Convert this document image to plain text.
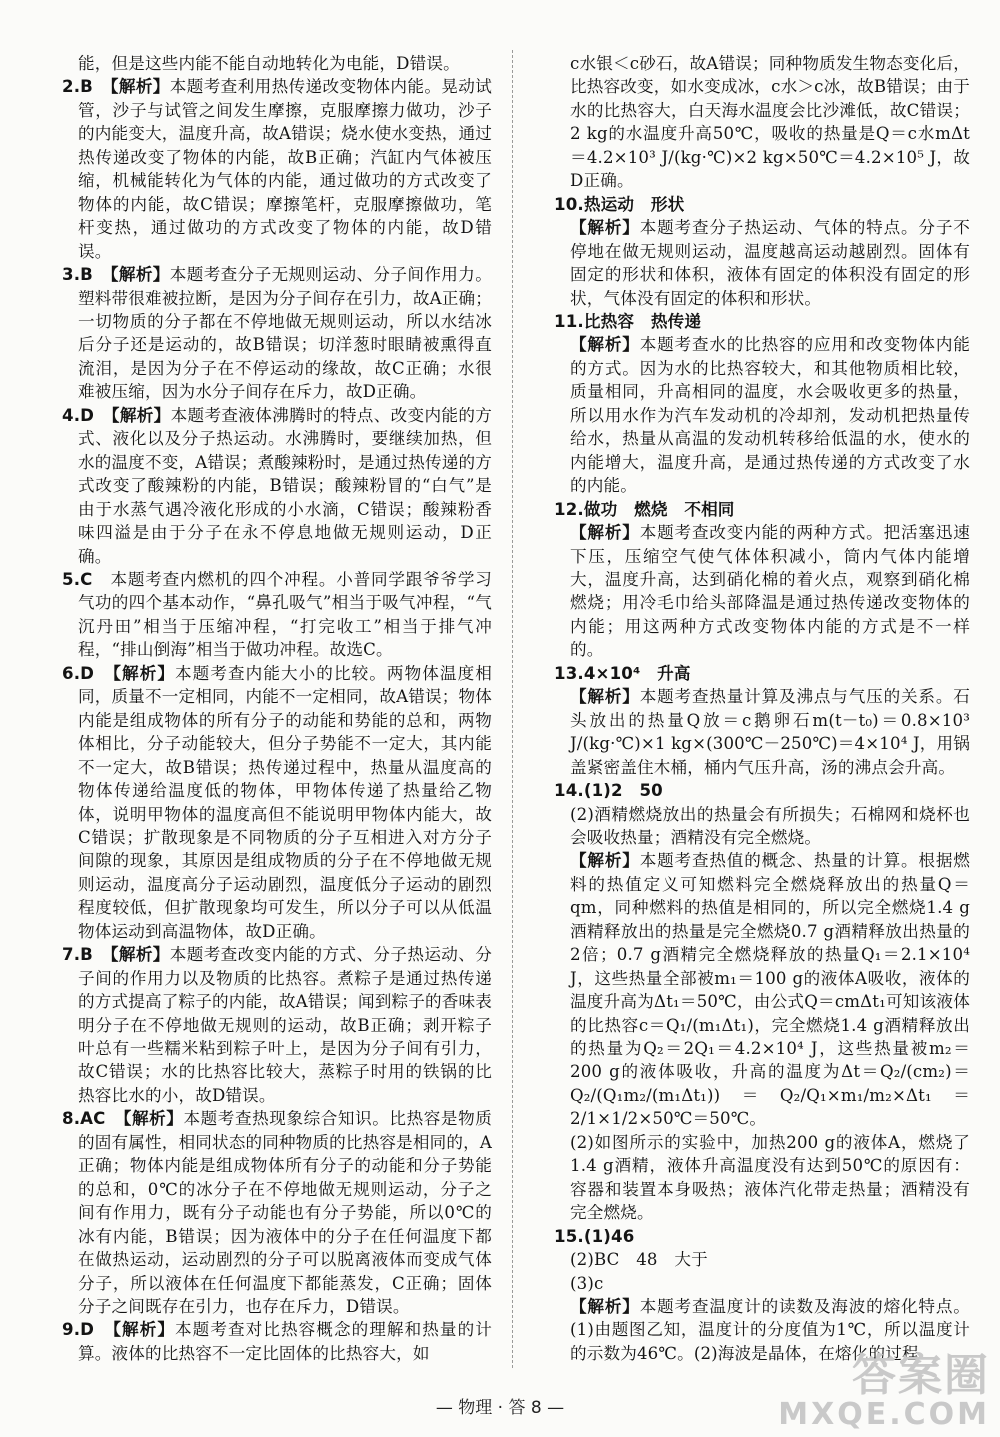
能，但是这些内能不能自动地转化为电能，D错误。

2.B　 【解析】本题考查利用热传递改变物体内能。晃动试管，沙子与试管之间发生摩擦，克服摩擦力做功，沙子的内能变大，温度升高，故A错误；烧水使水变热，通过热传递改变了物体的内能，故B正确；汽缸内气体被压缩，机械能转化为气体的内能，通过做功的方式改变了物体的内能，故C错误；摩擦笔杆，克服摩擦做功，笔杆变热，通过做功的方式改变了物体的内能，故D错误。

3.B　 【解析】本题考查分子无规则运动、分子间作用力。塑料带很难被拉断，是因为分子间存在引力，故A正确；一切物质的分子都在不停地做无规则运动，所以水结冰后分子还是运动的，故B错误；切洋葱时眼睛被熏得直流泪，是因为分子在不停运动的缘故，故C正确；水很难被压缩，因为水分子间存在斥力，故D正确。

4.D　 【解析】本题考查液体沸腾时的特点、改变内能的方式、液化以及分子热运动。水沸腾时，要继续加热，但水的温度不变，A错误；煮酸辣粉时，是通过热传递的方式改变了酸辣粉的内能，B错误；酸辣粉冒的“白气”是由于水蒸气遇冷液化形成的小水滴，C错误；酸辣粉香味四溢是由于分子在永不停息地做无规则运动，D正确。

5.C　 本题考查内燃机的四个冲程。小普同学跟爷爷学习气功的四个基本动作，“鼻孔吸气”相当于吸气冲程，“气沉丹田”相当于压缩冲程，“打完收工”相当于排气冲程，“排山倒海”相当于做功冲程。故选C。

6.D　 【解析】本题考查内能大小的比较。两物体温度相同，质量不一定相同，内能不一定相同，故A错误；物体内能是组成物体的所有分子的动能和势能的总和，两物体相比，分子动能较大，但分子势能不一定大，其内能不一定大，故B错误；热传递过程中，热量从温度高的物体传递给温度低的物体，甲物体传递了热量给乙物体，说明甲物体的温度高但不能说明甲物体内能大，故C错误；扩散现象是不同物质的分子互相进入对方分子间隙的现象，其原因是组成物质的分子在不停地做无规则运动，温度高分子运动剧烈，温度低分子运动的剧烈程度较低，但扩散现象均可发生，所以分子可以从低温物体运动到高温物体，故D正确。

7.B　 【解析】本题考查改变内能的方式、分子热运动、分子间的作用力以及物质的比热容。煮粽子是通过热传递的方式提高了粽子的内能，故A错误；闻到粽子的香味表明分子在不停地做无规则的运动，故B正确；剥开粽子叶总有一些糯米粘到粽子叶上，是因为分子间有引力，故C错误；水的比热容比较大，蒸粽子时用的铁锅的比热容比水的小，故D错误。

8.AC　 【解析】本题考查热现象综合知识。比热容是物质的固有属性，相同状态的同种物质的比热容是相同的，A正确；物体内能是组成物体所有分子的动能和分子势能的总和，0℃的冰分子在不停地做无规则运动，分子之间有作用力，既有分子动能也有分子势能，所以0℃的冰有内能，B错误；因为液体中的分子在任何温度下都在做热运动，运动剧烈的分子可以脱离液体而变成气体分子，所以液体在任何温度下都能蒸发，C正确；固体分子之间既存在引力，也存在斥力，D错误。

9.D　 【解析】本题考查对比热容概念的理解和热量的计算。液体的比热容不一定比固体的比热容大，如

c水银＜c砂石，故A错误；同种物质发生物态变化后，比热容改变，如水变成冰，c水＞c冰，故B错误；由于水的比热容大，白天海水温度会比沙滩低，故C错误；2 kg的水温度升高50℃，吸收的热量是Q＝c水mΔt＝4.2×10³ J/(kg·℃)×2 kg×50℃＝4.2×10⁵ J，故D正确。

10.热运动　形状

【解析】本题考查分子热运动、气体的特点。分子不停地在做无规则运动，温度越高运动越剧烈。固体有固定的形状和体积，液体有固定的体积没有固定的形状，气体没有固定的体积和形状。

11.比热容　热传递

【解析】本题考查水的比热容的应用和改变物体内能的方式。因为水的比热容较大，和其他物质相比较，质量相同，升高相同的温度，水会吸收更多的热量，所以用水作为汽车发动机的冷却剂，发动机把热量传给水，热量从高温的发动机转移给低温的水，使水的内能增大，温度升高，是通过热传递的方式改变了水的内能。

12.做功　燃烧　不相同

【解析】本题考查改变内能的两种方式。把活塞迅速下压，压缩空气使气体体积减小，筒内气体内能增大，温度升高，达到硝化棉的着火点，观察到硝化棉燃烧；用冷毛巾给头部降温是通过热传递改变物体的内能；用这两种方式改变物体内能的方式是不一样的。

13.4×10⁴　升高

【解析】本题考查热量计算及沸点与气压的关系。石头放出的热量Q放＝c鹅卵石m(t－t₀)＝0.8×10³ J/(kg·℃)×1 kg×(300℃－250℃)＝4×10⁴ J，用锅盖紧密盖住木桶，桶内气压升高，汤的沸点会升高。

14.(1)2　50

(2)酒精燃烧放出的热量会有所损失；石棉网和烧杯也会吸收热量；酒精没有完全燃烧。

【解析】本题考查热值的概念、热量的计算。根据燃料的热值定义可知燃料完全燃烧释放出的热量Q＝qm，同种燃料的热值是相同的，所以完全燃烧1.4 g酒精释放出的热量是完全燃烧0.7 g酒精释放出热量的2倍；0.7 g酒精完全燃烧释放的热量Q₁＝2.1×10⁴ J，这些热量全部被m₁＝100 g的液体A吸收，液体的温度升高为Δt₁＝50℃，由公式Q＝cmΔt₁可知该液体的比热容c＝Q₁/(m₁Δt₁)，完全燃烧1.4 g酒精释放出的热量为Q₂＝2Q₁＝4.2×10⁴ J，这些热量被m₂＝200 g的液体吸收，升高的温度为Δt＝Q₂/(cm₂)＝Q₂/(Q₁m₂/(m₁Δt₁))＝Q₂/Q₁×m₁/m₂×Δt₁＝2/1×1/2×50℃＝50℃。

(2)如图所示的实验中，加热200 g的液体A，燃烧了1.4 g酒精，液体升高温度没有达到50℃的原因有：容器和装置本身吸热；液体汽化带走热量；酒精没有完全燃烧。

15.(1)46

(2)BC　48　大于

(3)c

【解析】本题考查温度计的读数及海波的熔化特点。(1)由题图乙知，温度计的分度值为1℃，所以温度计的示数为46℃。(2)海波是晶体，在熔化的过程

— 物理 · 答 8 —
答案圈
MXQE.COM
